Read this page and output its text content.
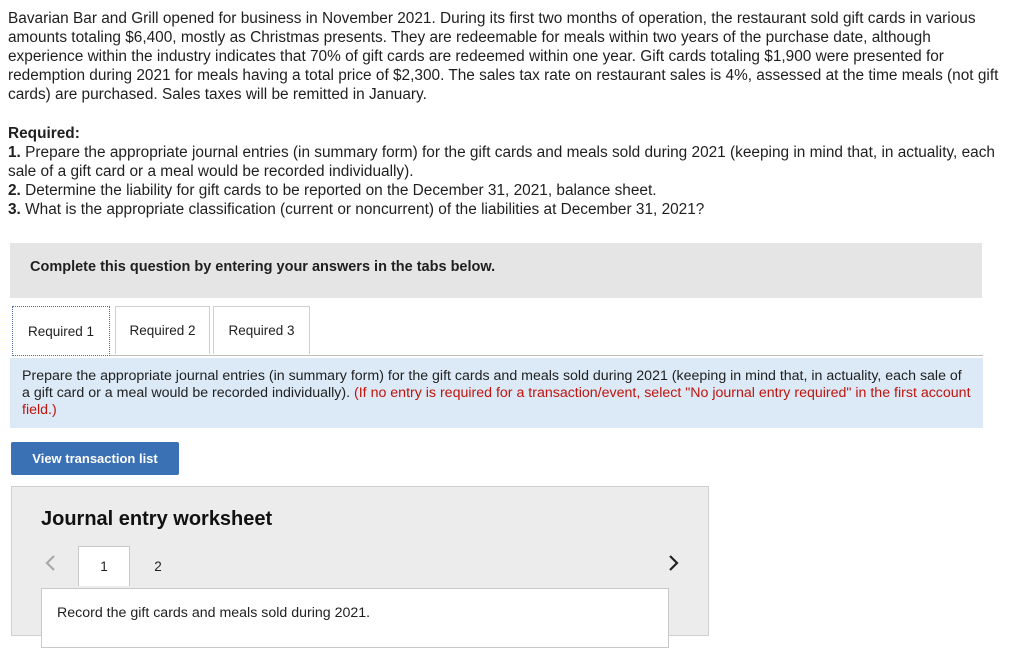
Bavarian Bar and Grill opened for business in November 2021. During its first two months of operation, the restaurant sold gift cards in various amounts totaling $6,400, mostly as Christmas presents. They are redeemable for meals within two years of the purchase date, although experience within the industry indicates that 70% of gift cards are redeemed within one year. Gift cards totaling $1,900 were presented for redemption during 2021 for meals having a total price of $2,300. The sales tax rate on restaurant sales is 4%, assessed at the time meals (not gift cards) are purchased. Sales taxes will be remitted in January.

Required:

1. Prepare the appropriate journal entries (in summary form) for the gift cards and meals sold during 2021 (keeping in mind that, in actuality, each sale of a gift card or a meal would be recorded individually).

2. Determine the liability for gift cards to be reported on the December 31, 2021, balance sheet.

3. What is the appropriate classification (current or noncurrent) of the liabilities at December 31, 2021?

Complete this question by entering your answers in the tabs below.
Required 1	Required 2	Required 3
Prepare the appropriate journal entries (in summary form) for the gift cards and meals sold during 2021 (keeping in mind that, in actuality, each sale of a gift card or a meal would be recorded individually). (If no entry is required for a transaction/event, select "No journal entry required" in the first account field.)
View transaction list
Journal entry worksheet
1	2
Record the gift cards and meals sold during 2021.
